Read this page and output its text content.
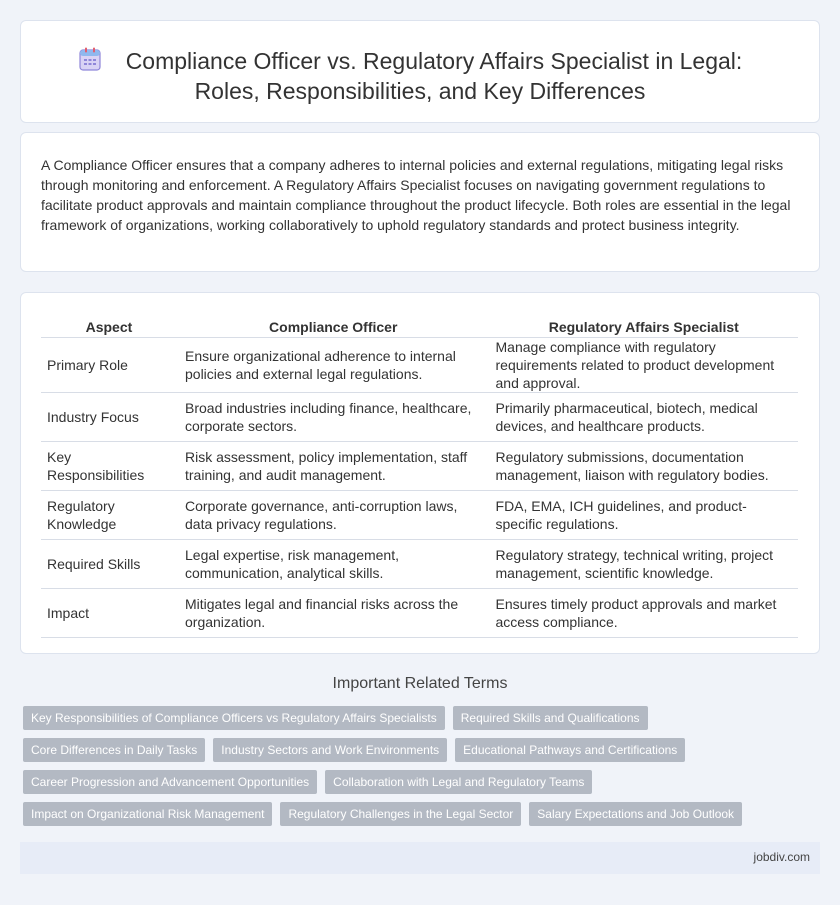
Compliance Officer vs. Regulatory Affairs Specialist in Legal:
Roles, Responsibilities, and Key Differences

A Compliance Officer ensures that a company adheres to internal policies and external regulations, mitigating legal risks through monitoring and enforcement. A Regulatory Affairs Specialist focuses on navigating government regulations to facilitate product approvals and maintain compliance throughout the product lifecycle. Both roles are essential in the legal framework of organizations, working collaboratively to uphold regulatory standards and protect business integrity.

Aspect		Compliance Officer		Regulatory Affairs Specialist
Primary Role		Ensure organizational adherence to internal policies and external legal regulations.		Manage compliance with regulatory requirements related to product development and approval.
Industry Focus		Broad industries including finance, healthcare, corporate sectors.		Primarily pharmaceutical, biotech, medical devices, and healthcare products.
Key Responsibilities		Risk assessment, policy implementation, staff training, and audit management.		Regulatory submissions, documentation management, liaison with regulatory bodies.
Regulatory Knowledge		Corporate governance, anti-corruption laws, data privacy regulations.		FDA, EMA, ICH guidelines, and product-specific regulations.
Required Skills		Legal expertise, risk management, communication, analytical skills.		Regulatory strategy, technical writing, project management, scientific knowledge.
Impact		Mitigates legal and financial risks across the organization.		Ensures timely product approvals and market access compliance.
Important Related Terms
Key Responsibilities of Compliance Officers vs Regulatory Affairs Specialists	Required Skills and Qualifications
Core Differences in Daily Tasks	Industry Sectors and Work Environments	Educational Pathways and Certifications
Career Progression and Advancement Opportunities	Collaboration with Legal and Regulatory Teams
Impact on Organizational Risk Management	Regulatory Challenges in the Legal Sector	Salary Expectations and Job Outlook
jobdiv.com
